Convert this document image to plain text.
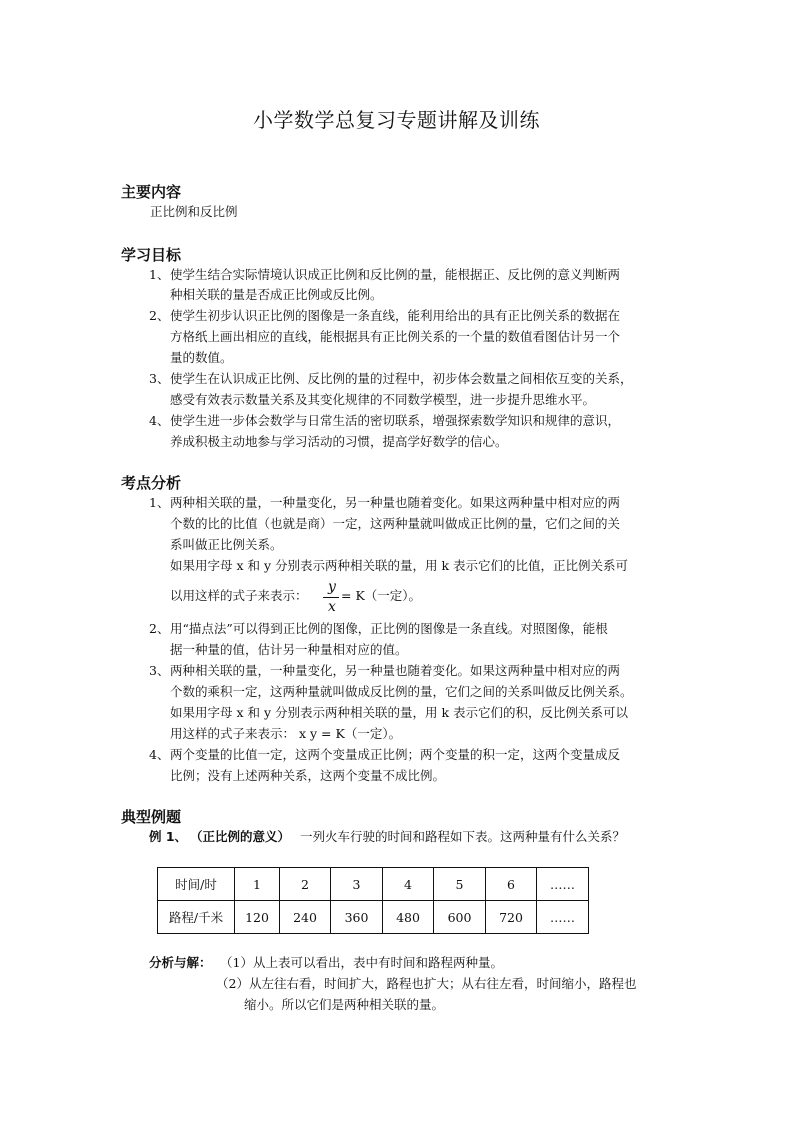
小学数学总复习专题讲解及训练
主要内容
正比例和反比例
学习目标
1、 使学生结合实际情境认识成正比例和反比例的量，能根据正、反比例的意义判断两
种相关联的量是否成正比例或反比例。
2、 使学生初步认识正比例的图像是一条直线，能利用给出的具有正比例关系的数据在
方格纸上画出相应的直线，能根据具有正比例关系的一个量的数值看图估计另一个
量的数值。
3、 使学生在认识成正比例、反比例的量的过程中，初步体会数量之间相依互变的关系，
感受有效表示数量关系及其变化规律的不同数学模型，进一步提升思维水平。
4、 使学生进一步体会数学与日常生活的密切联系，增强探索数学知识和规律的意识，
养成积极主动地参与学习活动的习惯，提高学好数学的信心。
考点分析
1、 两种相关联的量，一种量变化，另一种量也随着变化。如果这两种量中相对应的两
个数的比的比值（也就是商）一定，这两种量就叫做成正比例的量，它们之间的关
系叫做正比例关系。
如果用字母 x 和 y 分别表示两种相关联的量，用 k 表示它们的比值，正比例关系可
以用这样的式子来表示：
y
x
= K（一定）。
2、 用“描点法”可以得到正比例的图像，正比例的图像是一条直线。对照图像，能根
据一种量的值，估计另一种量相对应的值。
3、 两种相关联的量，一种量变化，另一种量也随着变化。如果这两种量中相对应的两
个数的乘积一定，这两种量就叫做成反比例的量，它们之间的关系叫做反比例关系。
如果用字母 x 和 y 分别表示两种相关联的量，用 k 表示它们的积，反比例关系可以
用这样的式子来表示： x y = K（一定）。
4、 两个变量的比值一定，这两个变量成正比例；两个变量的积一定，这两个变量成反
比例；没有上述两种关系，这两个变量不成比例。
典型例题
例 1、 （正比例的意义） 一列火车行驶的时间和路程如下表。这两种量有什么关系？
时间/时	1	2	3	4	5	6	……
路程/千米	120	240	360	480	600	720	……
分析与解： （1）从上表可以看出，表中有时间和路程两种量。
（2）从左往右看，时间扩大，路程也扩大；从右往左看，时间缩小，路程也
缩小。所以它们是两种相关联的量。
